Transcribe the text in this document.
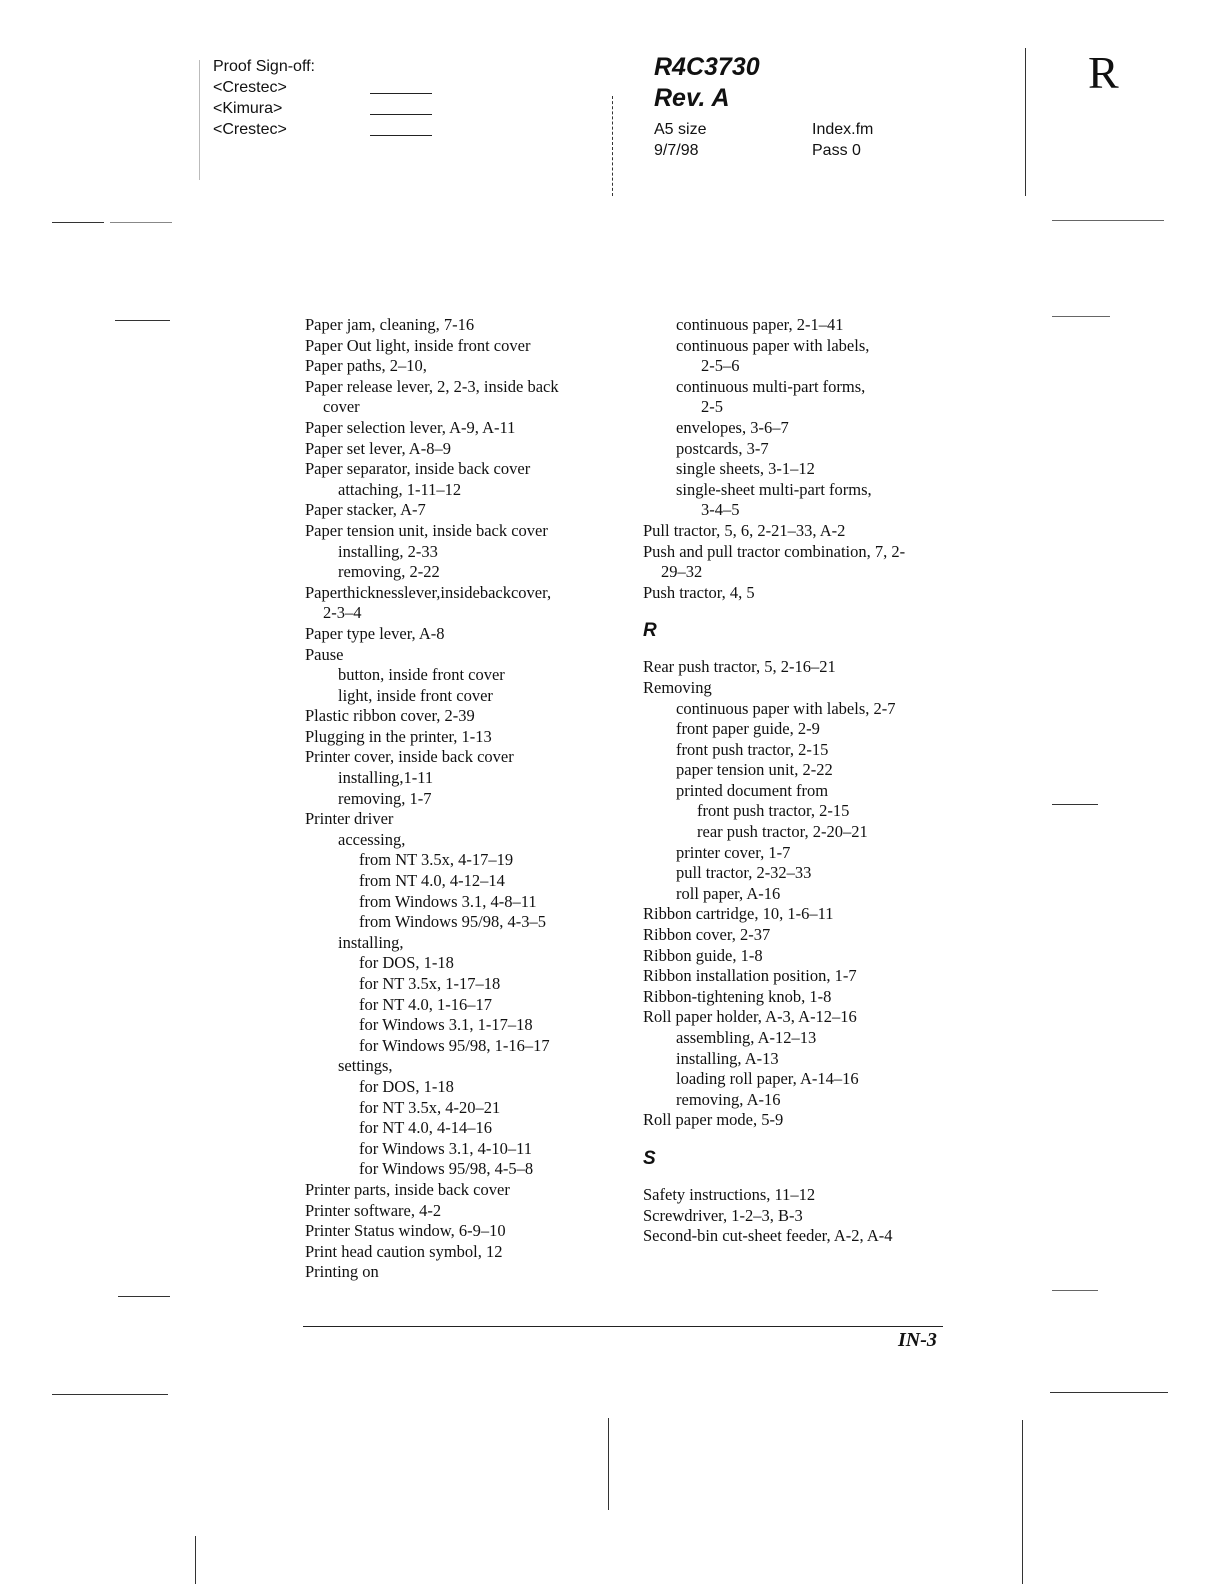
Proof Sign-off:
<Crestec>
<Kimura>
<Crestec>
R4C3730
Rev. A
A5 size
9/7/98
Index.fm
Pass 0
R
Paper jam, cleaning, 7-16
Paper Out light, inside front cover
Paper paths, 2–10,
Paper release lever, 2, 2-3, inside back
cover
Paper selection lever, A-9, A-11
Paper set lever, A-8–9
Paper separator, inside back cover
attaching, 1-11–12
Paper stacker, A-7
Paper tension unit, inside back cover
installing, 2-33
removing, 2-22
Paperthicknesslever,insidebackcover,
2-3–4
Paper type lever, A-8
Pause
button, inside front cover
light, inside front cover
Plastic ribbon cover, 2-39
Plugging in the printer, 1-13
Printer cover, inside back cover
installing,1-11
removing, 1-7
Printer driver
accessing,
from NT 3.5x, 4-17–19
from NT 4.0, 4-12–14
from Windows 3.1, 4-8–11
from Windows 95/98, 4-3–5
installing,
for DOS, 1-18
for NT 3.5x, 1-17–18
for NT 4.0, 1-16–17
for Windows 3.1, 1-17–18
for Windows 95/98, 1-16–17
settings,
for DOS, 1-18
for NT 3.5x, 4-20–21
for NT 4.0, 4-14–16
for Windows 3.1, 4-10–11
for Windows 95/98, 4-5–8
Printer parts, inside back cover
Printer software, 4-2
Printer Status window, 6-9–10
Print head caution symbol, 12
Printing on
continuous paper, 2-1–41
continuous paper with labels,
2-5–6
continuous multi-part forms,
2-5
envelopes, 3-6–7
postcards, 3-7
single sheets, 3-1–12
single-sheet multi-part forms,
3-4–5
Pull tractor, 5, 6, 2-21–33, A-2
Push and pull tractor combination, 7, 2-
29–32
Push tractor, 4, 5
R
Rear push tractor, 5, 2-16–21
Removing
continuous paper with labels, 2-7
front paper guide, 2-9
front push tractor, 2-15
paper tension unit, 2-22
printed document from
front push tractor, 2-15
rear push tractor, 2-20–21
printer cover, 1-7
pull tractor, 2-32–33
roll paper, A-16
Ribbon cartridge, 10, 1-6–11
Ribbon cover, 2-37
Ribbon guide, 1-8
Ribbon installation position, 1-7
Ribbon-tightening knob, 1-8
Roll paper holder, A-3, A-12–16
assembling, A-12–13
installing, A-13
loading roll paper, A-14–16
removing, A-16
Roll paper mode, 5-9
S
Safety instructions, 11–12
Screwdriver, 1-2–3, B-3
Second-bin cut-sheet feeder, A-2, A-4
IN-3
